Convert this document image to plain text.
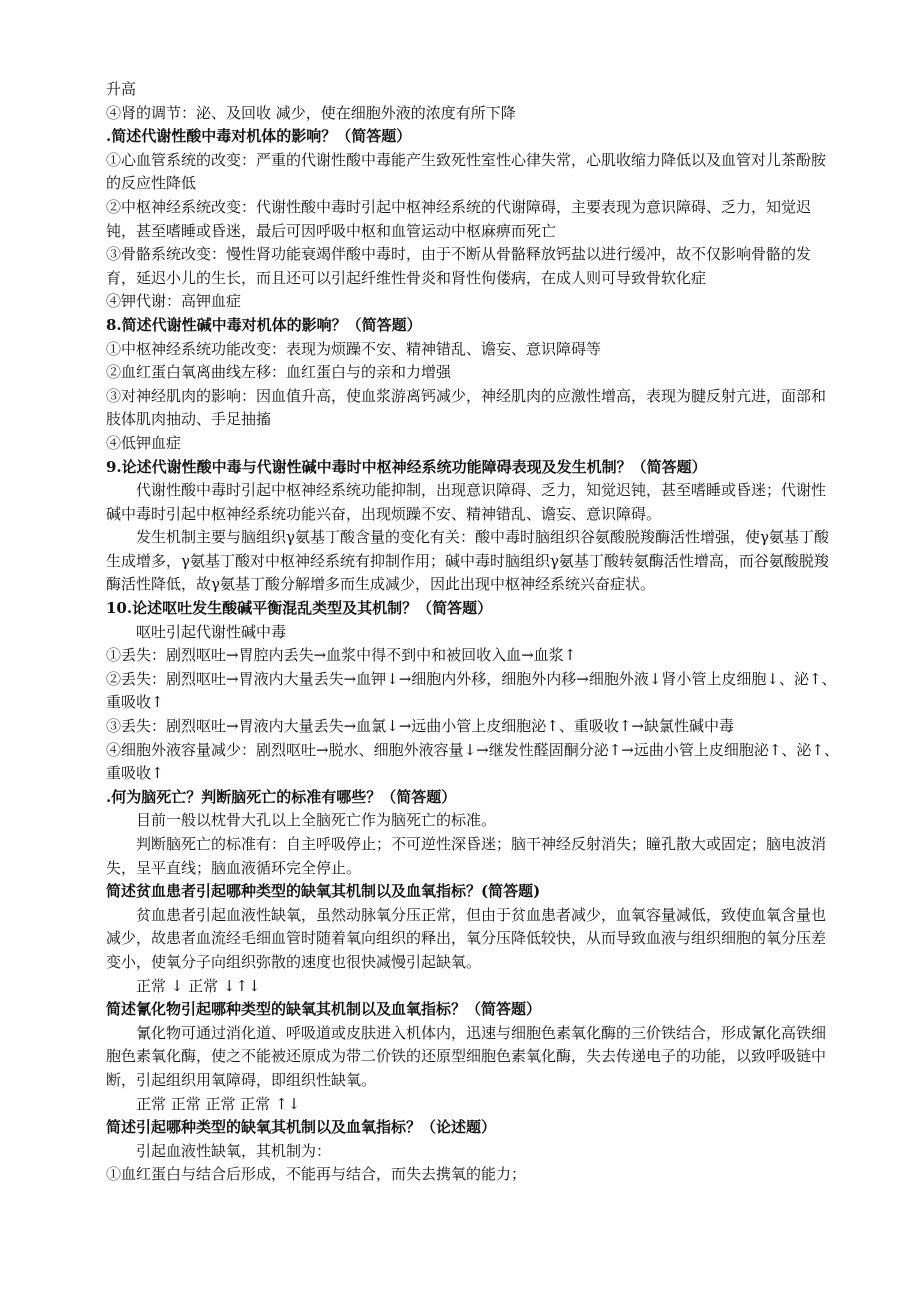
升高

④肾的调节：泌、及回收 减少，使在细胞外液的浓度有所下降

.简述代谢性酸中毒对机体的影响？（简答题）

①心血管系统的改变：严重的代谢性酸中毒能产生致死性室性心律失常，心肌收缩力降低以及血管对儿茶酚胺的反应性降低

②中枢神经系统改变：代谢性酸中毒时引起中枢神经系统的代谢障碍，主要表现为意识障碍、乏力，知觉迟钝，甚至嗜睡或昏迷，最后可因呼吸中枢和血管运动中枢麻痹而死亡

③骨骼系统改变：慢性肾功能衰竭伴酸中毒时，由于不断从骨骼释放钙盐以进行缓冲，故不仅影响骨骼的发育，延迟小儿的生长，而且还可以引起纤维性骨炎和肾性佝偻病，在成人则可导致骨软化症

④钾代谢：高钾血症

8.简述代谢性碱中毒对机体的影响？（简答题）

①中枢神经系统功能改变：表现为烦躁不安、精神错乱、谵妄、意识障碍等

②血红蛋白氧离曲线左移：血红蛋白与的亲和力增强

③对神经肌肉的影响：因血值升高，使血浆游离钙减少，神经肌肉的应激性增高，表现为腱反射亢进，面部和肢体肌肉抽动、手足抽搐

④低钾血症

9.论述代谢性酸中毒与代谢性碱中毒时中枢神经系统功能障碍表现及发生机制？（简答题）

代谢性酸中毒时引起中枢神经系统功能抑制，出现意识障碍、乏力，知觉迟钝，甚至嗜睡或昏迷；代谢性碱中毒时引起中枢神经系统功能兴奋，出现烦躁不安、精神错乱、谵妄、意识障碍。

发生机制主要与脑组织γ氨基丁酸含量的变化有关：酸中毒时脑组织谷氨酸脱羧酶活性增强，使γ氨基丁酸生成增多，γ氨基丁酸对中枢神经系统有抑制作用；碱中毒时脑组织γ氨基丁酸转氨酶活性增高，而谷氨酸脱羧酶活性降低，故γ氨基丁酸分解增多而生成减少，因此出现中枢神经系统兴奋症状。

10.论述呕吐发生酸碱平衡混乱类型及其机制？（简答题）

呕吐引起代谢性碱中毒

①丢失：剧烈呕吐→胃腔内丢失→血浆中得不到中和被回收入血→血浆↑

②丢失：剧烈呕吐→胃液内大量丢失→血钾↓→细胞内外移，细胞外内移→细胞外液↓肾小管上皮细胞↓、泌↑、重吸收↑

③丢失：剧烈呕吐→胃液内大量丢失→血氯↓→远曲小管上皮细胞泌↑、重吸收↑→缺氯性碱中毒

④细胞外液容量减少：剧烈呕吐→脱水、细胞外液容量↓→继发性醛固酮分泌↑→远曲小管上皮细胞泌↑、泌↑、重吸收↑

.何为脑死亡？判断脑死亡的标准有哪些？（简答题）

目前一般以枕骨大孔以上全脑死亡作为脑死亡的标准。

判断脑死亡的标准有：自主呼吸停止；不可逆性深昏迷；脑干神经反射消失；瞳孔散大或固定；脑电波消失，呈平直线；脑血液循环完全停止。

简述贫血患者引起哪种类型的缺氧其机制以及血氧指标？(简答题)

贫血患者引起血液性缺氧，虽然动脉氧分压正常，但由于贫血患者减少，血氧容量减低，致使血氧含量也减少，故患者血流经毛细血管时随着氧向组织的释出，氧分压降低较快，从而导致血液与组织细胞的氧分压差变小，使氧分子向组织弥散的速度也很快减慢引起缺氧。

正常 ↓ 正常 ↓↑↓

简述氰化物引起哪种类型的缺氧其机制以及血氧指标？（简答题）

氰化物可通过消化道、呼吸道或皮肤进入机体内，迅速与细胞色素氧化酶的三价铁结合，形成氰化高铁细胞色素氧化酶，使之不能被还原成为带二价铁的还原型细胞色素氧化酶，失去传递电子的功能，以致呼吸链中断，引起组织用氧障碍，即组织性缺氧。

正常 正常 正常 正常 ↑↓

简述引起哪种类型的缺氧其机制以及血氧指标？（论述题）

引起血液性缺氧，其机制为：

①血红蛋白与结合后形成，不能再与结合，而失去携氧的能力；
